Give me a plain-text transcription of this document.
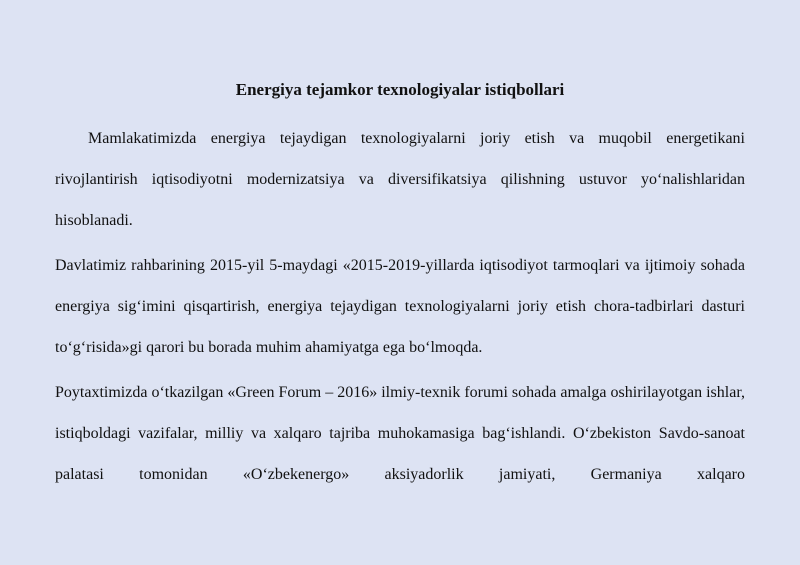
Energiya tejamkor texnologiyalar istiqbollari

Mamlakatimizda energiya tejaydigan texnologiyalarni joriy etish va muqobil energetikani rivojlantirish iqtisodiyotni modernizatsiya va diversifikatsiya qilishning ustuvor yo‘nalishlaridan hisoblanadi.

Davlatimiz rahbarining 2015-yil 5-maydagi «2015-2019-yillarda iqtisodiyot tarmoqlari va ijtimoiy sohada energiya sig‘imini qisqartirish, energiya tejaydigan texnologiyalarni joriy etish chora-tadbirlari dasturi to‘g‘risida»gi qarori bu borada muhim ahamiyatga ega bo‘lmoqda.

Poytaxtimizda o‘tkazilgan «Green Forum – 2016» ilmiy-texnik forumi sohada amalga oshirilayotgan ishlar, istiqboldagi vazifalar, milliy va xalqaro tajriba muhokamasiga bag‘ishlandi. O‘zbekiston Savdo-sanoat palatasi tomonidan «O‘zbekenergo» aksiyadorlik jamiyati, Germaniya xalqaro
